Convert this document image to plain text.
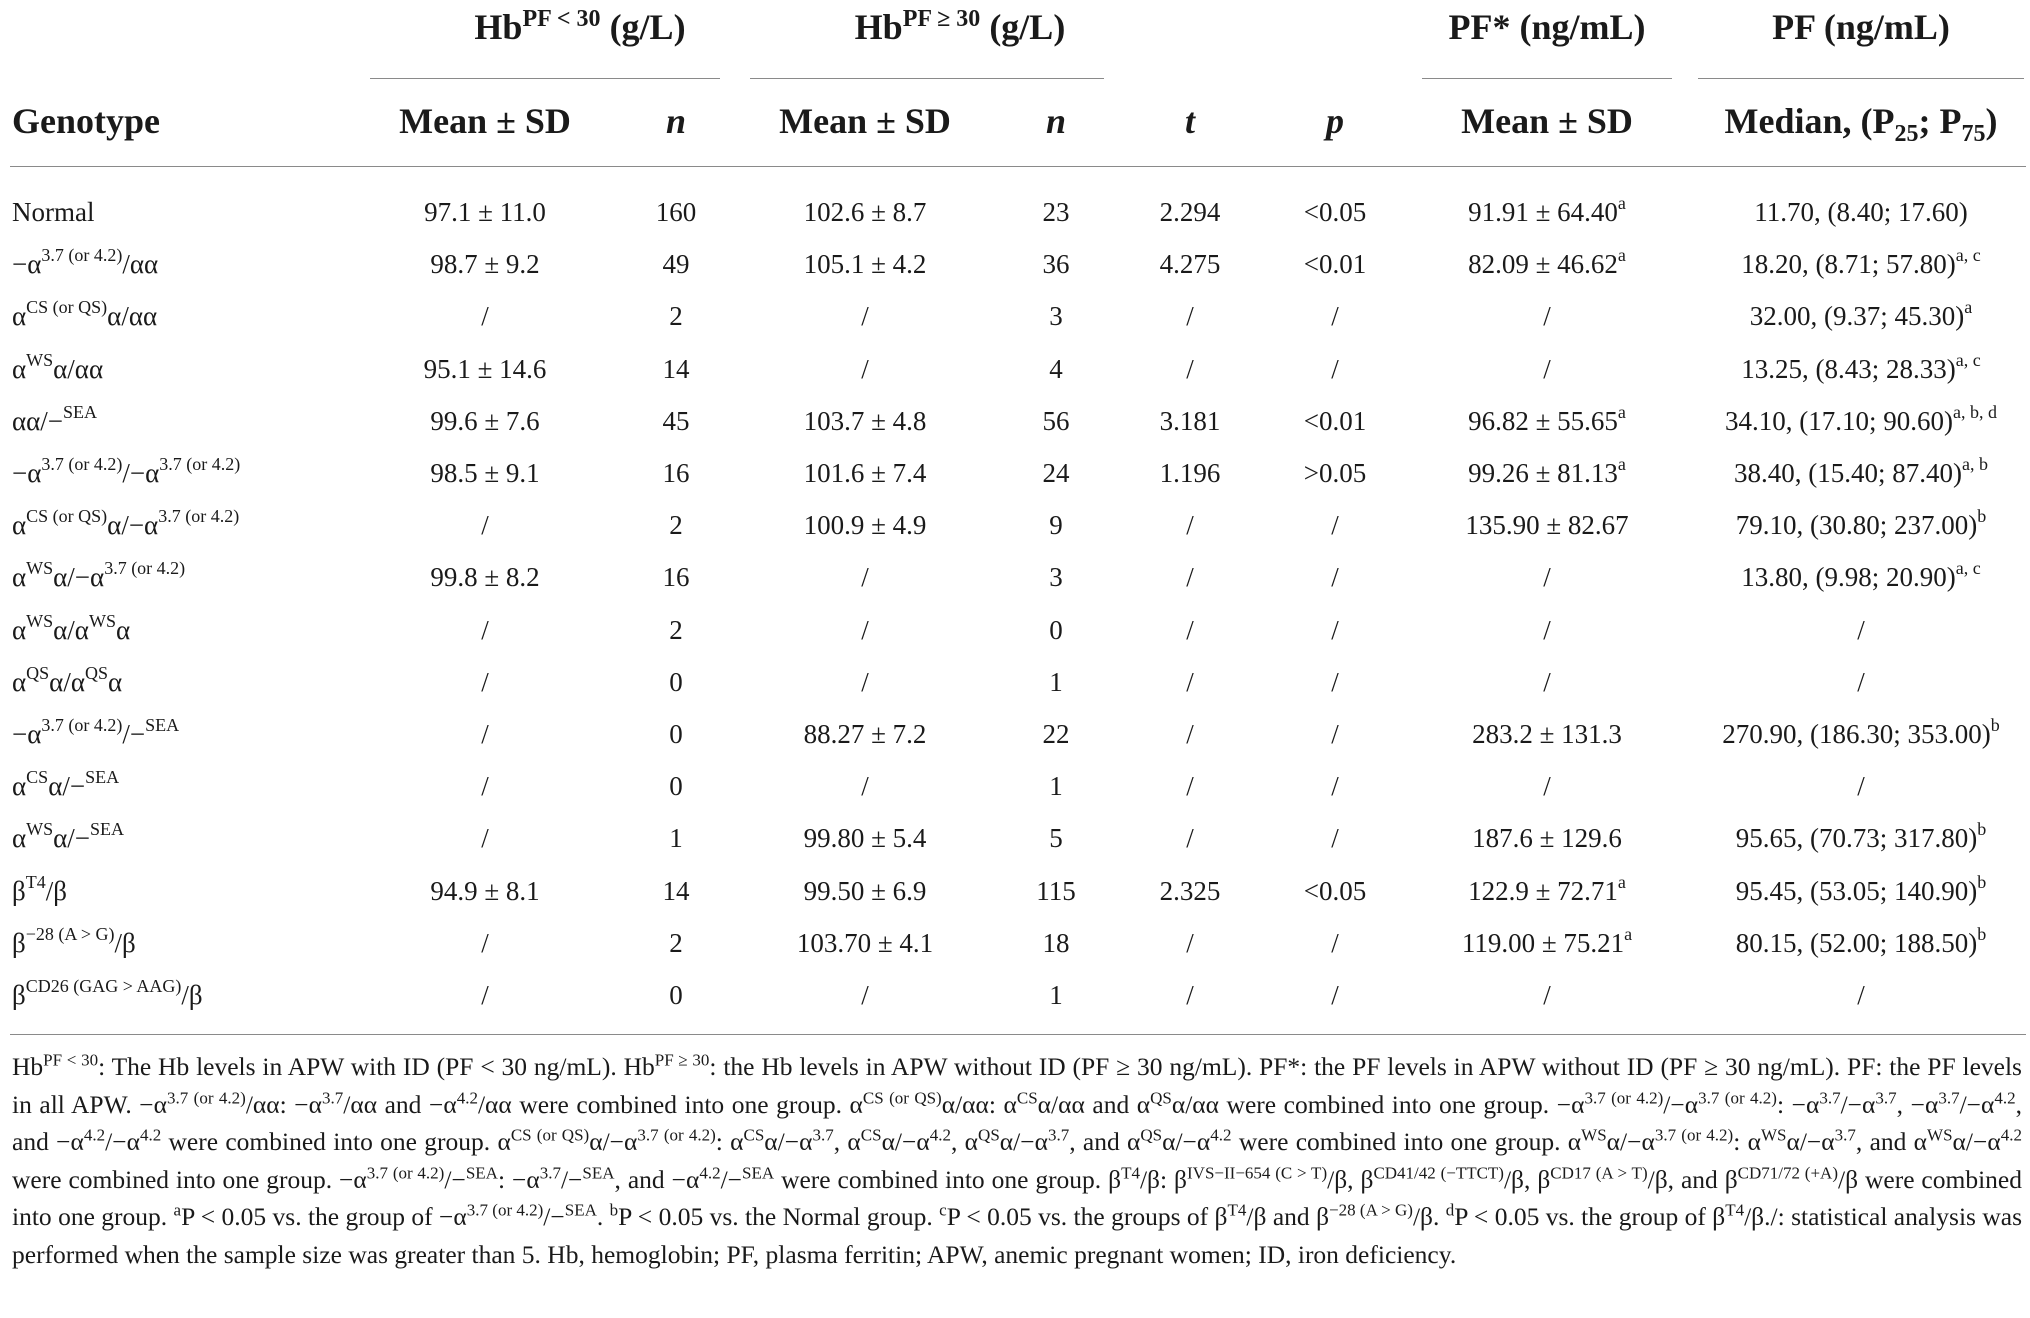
$Hb^{PF < 30}$ (g/L)	$Hb^{PF \ge 30}$ (g/L)	PF* (ng/mL)	PF (ng/mL)
Genotype	Mean ± SD	n	Mean ± SD	n	t	p	Mean ± SD	Median, ($P_{25}$; $P_{75}$)
Normal	97.1 ± 11.0	160	102.6 ± 8.7	23	2.294	<0.05	91.91 ± 64.40$^a$	11.70, (8.40; 17.60)
$-\alpha^{3.7 (or 4.2)}/\alpha\alpha$	98.7 ± 9.2	49	105.1 ± 4.2	36	4.275	<0.01	82.09 ± 46.62$^a$	18.20, (8.71; 57.80)$^{a, c}$
$\alpha^{CS (or QS)}\alpha/\alpha\alpha$	/	2	/	3	/	/	/	32.00, (9.37; 45.30)$^a$
$\alpha^{WS}\alpha/\alpha\alpha$	95.1 ± 14.6	14	/	4	/	/	/	13.25, (8.43; 28.33)$^{a, c}$
αα/−$^{SEA}$	99.6 ± 7.6	45	103.7 ± 4.8	56	3.181	<0.01	96.82 ± 55.65$^a$	34.10, (17.10; 90.60)$^{a, b, d}$
$-\alpha^{3.7 (or 4.2)}/-\alpha^{3.7 (or 4.2)}$	98.5 ± 9.1	16	101.6 ± 7.4	24	1.196	>0.05	99.26 ± 81.13$^a$	38.40, (15.40; 87.40)$^{a, b}$
$\alpha^{CS (or QS)}\alpha/-\alpha^{3.7 (or 4.2)}$	/	2	100.9 ± 4.9	9	/	/	135.90 ± 82.67	79.10, (30.80; 237.00)$^b$
$\alpha^{WS}\alpha/-\alpha^{3.7 (or 4.2)}$	99.8 ± 8.2	16	/	3	/	/	/	13.80, (9.98; 20.90)$^{a, c}$
$\alpha^{WS}\alpha/\alpha^{WS}\alpha$	/	2	/	0	/	/	/	/
$\alpha^{QS}\alpha/\alpha^{QS}\alpha$	/	0	/	1	/	/	/	/
$-\alpha^{3.7 (or 4.2)}/-^{SEA}$	/	0	88.27 ± 7.2	22	/	/	283.2 ± 131.3	270.90, (186.30; 353.00)$^b$
$\alpha^{CS}\alpha/-^{SEA}$	/	0	/	1	/	/	/	/
$\alpha^{WS}\alpha/-^{SEA}$	/	1	99.80 ± 5.4	5	/	/	187.6 ± 129.6	95.65, (70.73; 317.80)$^b$
$\beta^{T4}/\beta$	94.9 ± 8.1	14	99.50 ± 6.9	115	2.325	<0.05	122.9 ± 72.71$^a$	95.45, (53.05; 140.90)$^b$
$\beta^{-28 (A > G)}/\beta$	/	2	103.70 ± 4.1	18	/	/	119.00 ± 75.21$^a$	80.15, (52.00; 188.50)$^b$
$\beta^{CD26 (GAG > AAG)}/\beta$	/	0	/	1	/	/	/	/
$Hb^{PF < 30}$: The Hb levels in APW with ID (PF < 30 ng/mL). $Hb^{PF \ge 30}$: the Hb levels in APW without ID (PF ≥ 30 ng/mL). PF*: the PF levels in APW without ID (PF ≥ 30 ng/mL). PF: the PF levels in all APW. $-\alpha^{3.7 (or 4.2)}/\alpha\alpha$: $-\alpha^{3.7}/\alpha\alpha$ and $-\alpha^{4.2}/\alpha\alpha$ were combined into one group. $\alpha^{CS (or QS)}\alpha/\alpha\alpha$: $\alpha^{CS}\alpha/\alpha\alpha$ and $\alpha^{QS}\alpha/\alpha\alpha$ were combined into one group. $-\alpha^{3.7 (or 4.2)}/-\alpha^{3.7 (or 4.2)}$: $-\alpha^{3.7}/-\alpha^{3.7}$, $-\alpha^{3.7}/-\alpha^{4.2}$, and $-\alpha^{4.2}/-\alpha^{4.2}$ were combined into one group. $\alpha^{CS (or QS)}\alpha/-\alpha^{3.7 (or 4.2)}$: $\alpha^{CS}\alpha/-\alpha^{3.7}$, $\alpha^{CS}\alpha/-\alpha^{4.2}$, $\alpha^{QS}\alpha/-\alpha^{3.7}$, and $\alpha^{QS}\alpha/-\alpha^{4.2}$ were combined into one group. $\alpha^{WS}\alpha/-\alpha^{3.7 (or 4.2)}$: $\alpha^{WS}\alpha/-\alpha^{3.7}$, and $\alpha^{WS}\alpha/-\alpha^{4.2}$ were combined into one group. $-\alpha^{3.7 (or 4.2)}/-^{SEA}$: $-\alpha^{3.7}/-^{SEA}$, and $-\alpha^{4.2}/-^{SEA}$ were combined into one group. $\beta^{T4}/\beta$: $\beta^{IVS-II-654 (C > T)}/\beta$, $\beta^{CD41/42 (-TTCT)}/\beta$, $\beta^{CD17 (A > T)}/\beta$, and $\beta^{CD71/72 (+A)}/\beta$ were combined into one group. $^a$P < 0.05 vs. the group of $-\alpha^{3.7 (or 4.2)}/-^{SEA}$. $^b$P < 0.05 vs. the Normal group. $^c$P < 0.05 vs. the groups of $\beta^{T4}/\beta$ and $\beta^{-28 (A > G)}/\beta$. $^d$P < 0.05 vs. the group of $\beta^{T4}/\beta./$: statistical analysis was performed when the sample size was greater than 5. Hb, hemoglobin; PF, plasma ferritin; APW, anemic pregnant women; ID, iron deficiency.
